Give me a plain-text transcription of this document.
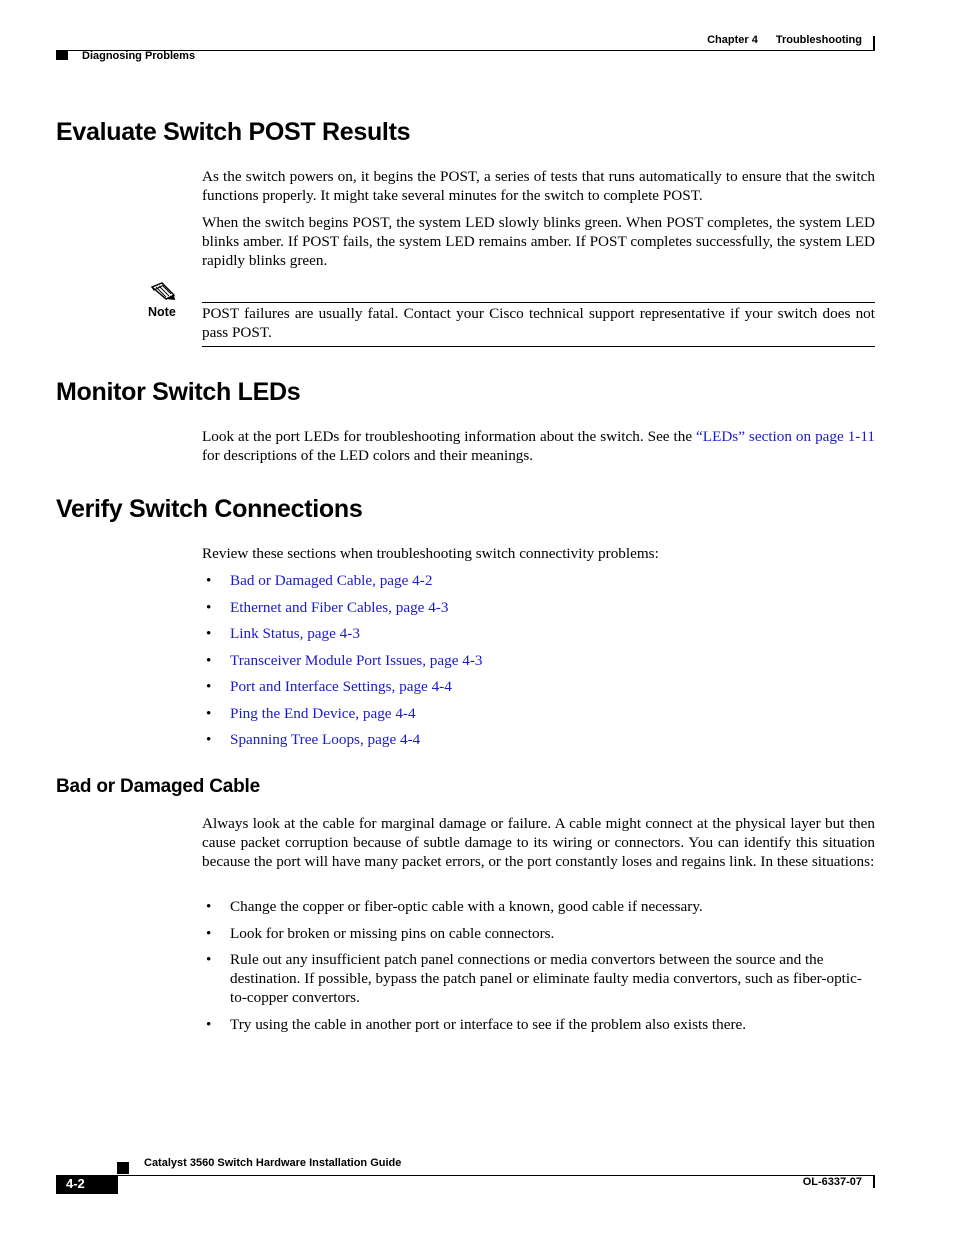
Chapter 4 Troubleshooting
Diagnosing Problems
Evaluate Switch POST Results

As the switch powers on, it begins the POST, a series of tests that runs automatically to ensure that the switch functions properly. It might take several minutes for the switch to complete POST.

When the switch begins POST, the system LED slowly blinks green. When POST completes, the system LED blinks amber. If POST fails, the system LED remains amber. If POST completes successfully, the system LED rapidly blinks green.

Note POST failures are usually fatal. Contact your Cisco technical support representative if your switch does not pass POST.

Monitor Switch LEDs

Look at the port LEDs for troubleshooting information about the switch. See the “LEDs” section on page 1-11 for descriptions of the LED colors and their meanings.

Verify Switch Connections

Review these sections when troubleshooting switch connectivity problems:

• Bad or Damaged Cable, page 4-2
• Ethernet and Fiber Cables, page 4-3
• Link Status, page 4-3
• Transceiver Module Port Issues, page 4-3
• Port and Interface Settings, page 4-4
• Ping the End Device, page 4-4
• Spanning Tree Loops, page 4-4
Bad or Damaged Cable

Always look at the cable for marginal damage or failure. A cable might connect at the physical layer but then cause packet corruption because of subtle damage to its wiring or connectors. You can identify this situation because the port will have many packet errors, or the port constantly loses and regains link. In these situations:

• Change the copper or fiber-optic cable with a known, good cable if necessary.
• Look for broken or missing pins on cable connectors.
• Rule out any insufficient patch panel connections or media convertors between the source and the destination. If possible, bypass the patch panel or eliminate faulty media convertors, such as fiber-optic-to-copper convertors.
• Try using the cable in another port or interface to see if the problem also exists there.
Catalyst 3560 Switch Hardware Installation Guide
4-2	OL-6337-07
